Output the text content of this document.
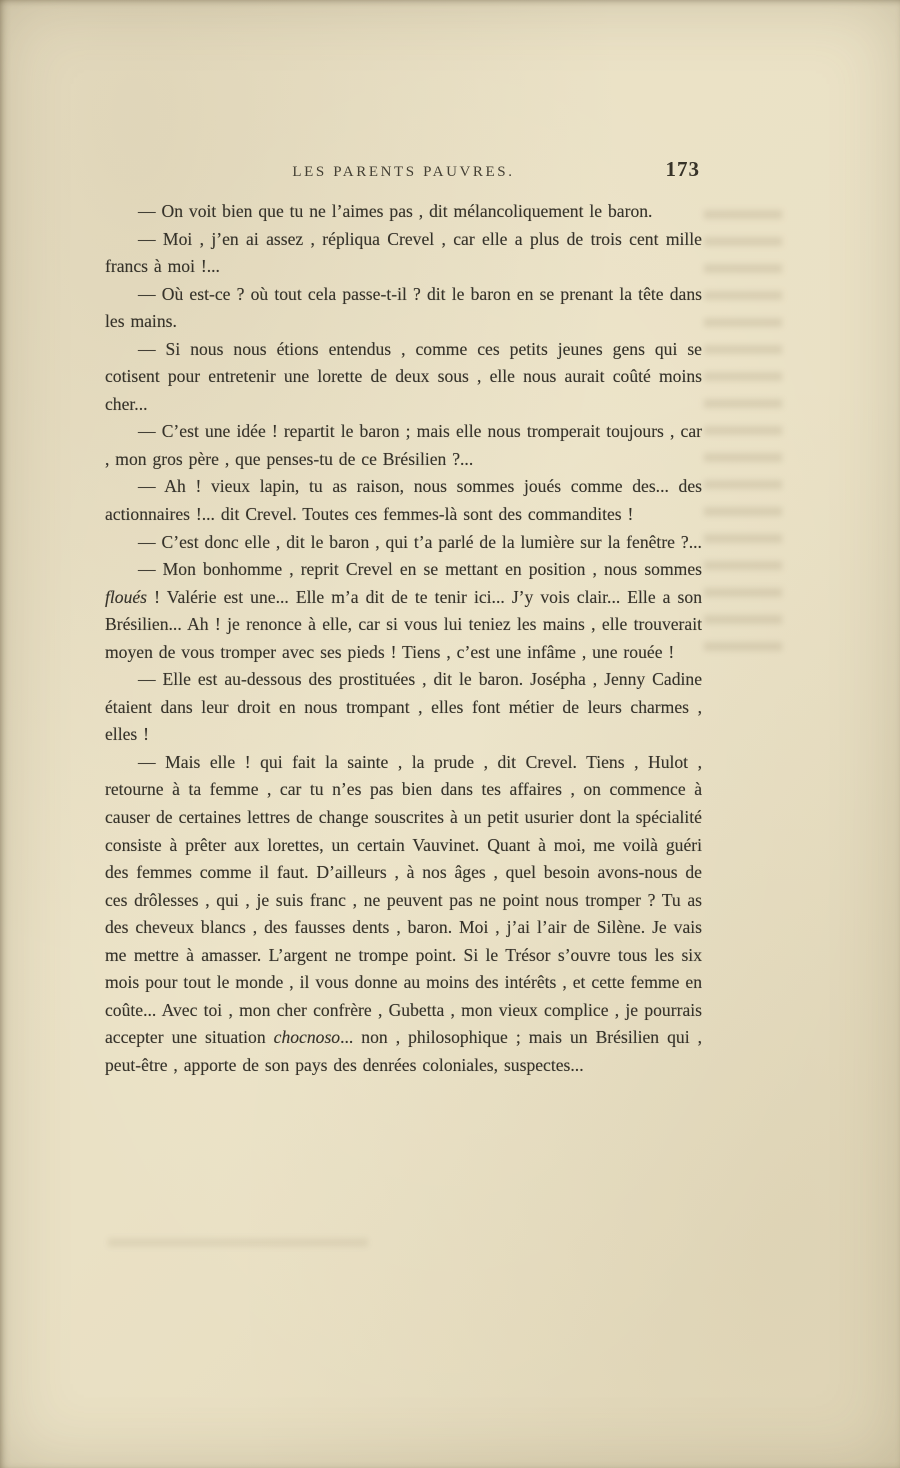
LES PARENTS PAUVRES.	173

— On voit bien que tu ne l’aimes pas , dit mélancoliquement le baron.

— Moi , j’en ai assez , répliqua Crevel , car elle a plus de trois cent mille francs à moi !...

— Où est-ce ? où tout cela passe-t-il ? dit le baron en se prenant la tête dans les mains.

— Si nous nous étions entendus , comme ces petits jeunes gens qui se cotisent pour entretenir une lorette de deux sous , elle nous aurait coûté moins cher...

— C’est une idée ! repartit le baron ; mais elle nous tromperait toujours , car , mon gros père , que penses-tu de ce Brésilien ?...

— Ah ! vieux lapin, tu as raison, nous sommes joués comme des... des actionnaires !... dit Crevel. Toutes ces femmes-là sont des commandites !

— C’est donc elle , dit le baron , qui t’a parlé de la lumière sur la fenêtre ?...

— Mon bonhomme , reprit Crevel en se mettant en position , nous sommes floués ! Valérie est une... Elle m’a dit de te tenir ici... J’y vois clair... Elle a son Brésilien... Ah ! je renonce à elle, car si vous lui teniez les mains , elle trouverait moyen de vous tromper avec ses pieds ! Tiens , c’est une infâme , une rouée !

— Elle est au-dessous des prostituées , dit le baron. Josépha , Jenny Cadine étaient dans leur droit en nous trompant , elles font métier de leurs charmes , elles !

— Mais elle ! qui fait la sainte , la prude , dit Crevel. Tiens , Hulot , retourne à ta femme , car tu n’es pas bien dans tes affaires , on commence à causer de certaines lettres de change souscrites à un petit usurier dont la spécialité consiste à prêter aux lorettes, un certain Vauvinet. Quant à moi, me voilà guéri des femmes comme il faut. D’ailleurs , à nos âges , quel besoin avons-nous de ces drôlesses , qui , je suis franc , ne peuvent pas ne point nous tromper ? Tu as des cheveux blancs , des fausses dents , baron. Moi , j’ai l’air de Silène. Je vais me mettre à amasser. L’argent ne trompe point. Si le Trésor s’ouvre tous les six mois pour tout le monde , il vous donne au moins des intérêts , et cette femme en coûte... Avec toi , mon cher confrère , Gubetta , mon vieux complice , je pourrais accepter une situation chocnoso... non , philosophique ; mais un Brésilien qui , peut-être , apporte de son pays des denrées coloniales, suspectes...
